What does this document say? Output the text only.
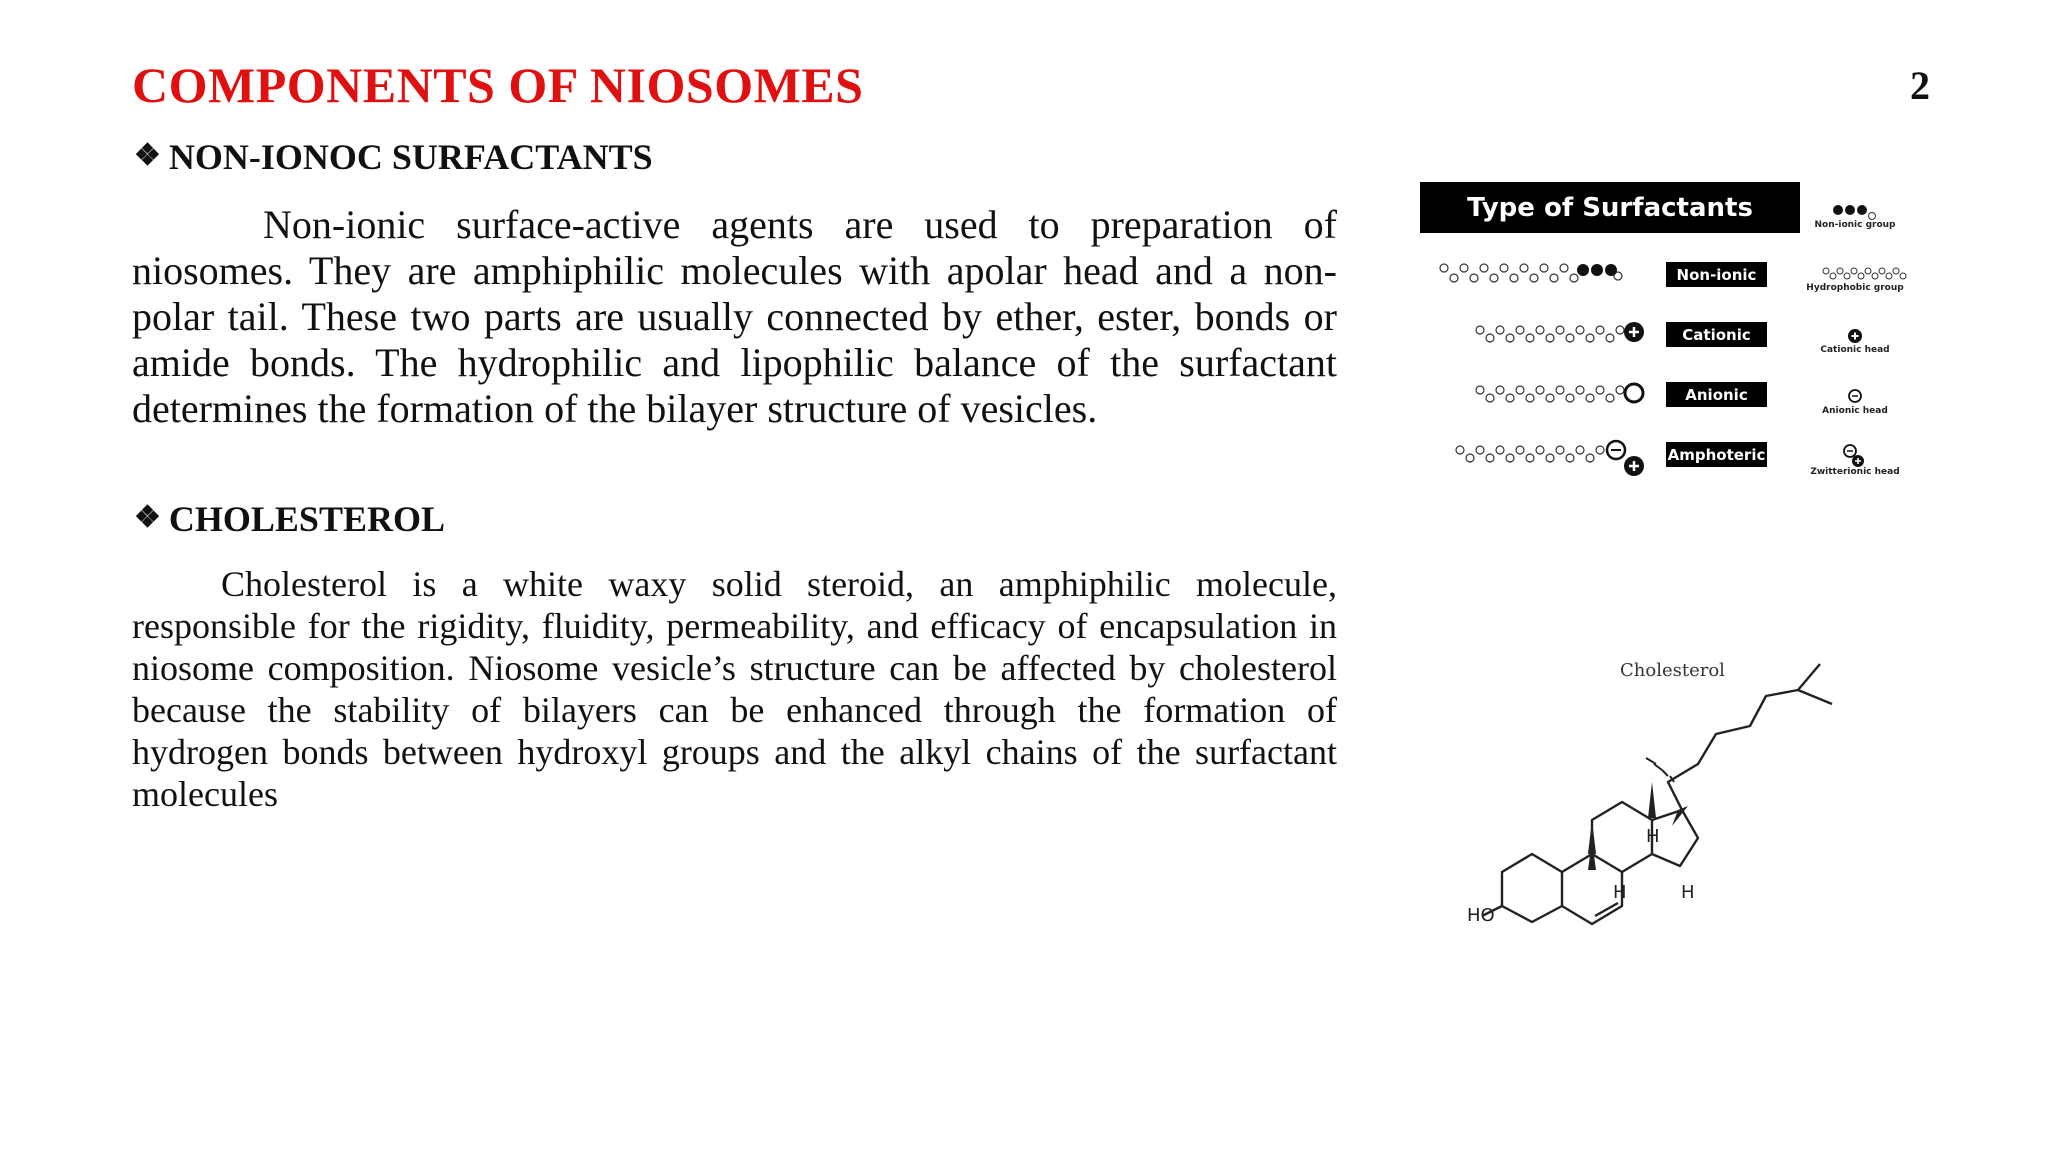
COMPONENTS OF NIOSOMES	2
❖ NON-IONOC SURFACTANTS
Non-ionic surface-active agents are used to preparation of niosomes. They are amphiphilic molecules with apolar head and a non- polar tail. These two parts are usually connected by ether, ester, bonds or amide bonds. The hydrophilic and lipophilic balance of the surfactant determines the formation of the bilayer structure of vesicles.
❖ CHOLESTEROL
Cholesterol is a white waxy solid steroid, an amphiphilic molecule, responsible for the rigidity, fluidity, permeability, and efficacy of encapsulation in niosome composition. Niosome vesicle’s structure can be affected by cholesterol because the stability of bilayers can be enhanced through the formation of hydrogen bonds between hydroxyl groups and the alkyl chains of the surfactant molecules
Type of Surfactants
Non-ionic
Cationic
Anionic
Amphoteric
Non-ionic group
Hydrophobic group
Cationic head
Anionic head
Zwitterionic head
Cholesterol
HO
H
H	H
